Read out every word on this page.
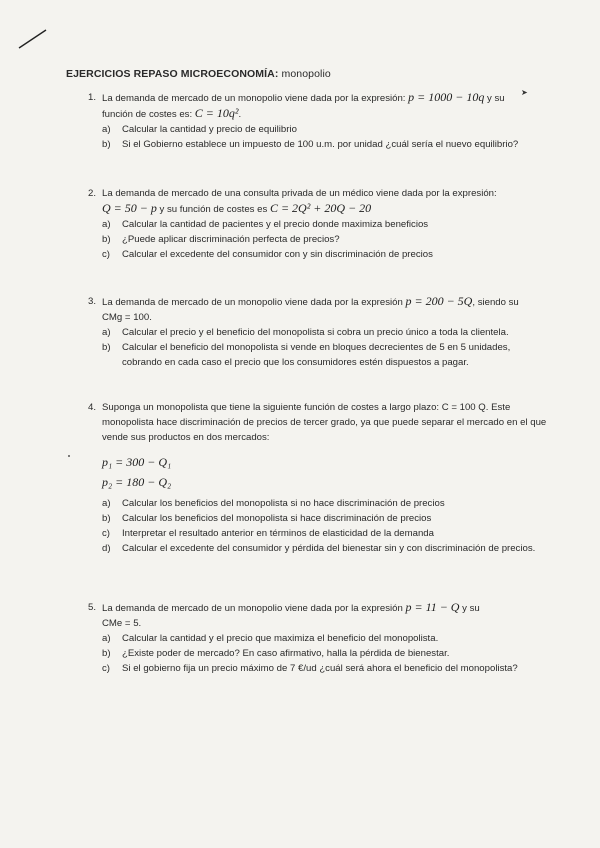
EJERCICIOS REPASO MICROECONOMÍA: monopolio
➤
1. La demanda de mercado de un monopolio viene dada por la expresión: p = 1000 − 10q y su
función de costes es: C = 10q².
a) Calcular la cantidad y precio de equilibrio
b) Si el Gobierno establece un impuesto de 100 u.m. por unidad ¿cuál sería el nuevo equilibrio?
2. La demanda de mercado de una consulta privada de un médico viene dada por la expresión:
Q = 50 − p y su función de costes es C = 2Q² + 20Q − 20
a) Calcular la cantidad de pacientes y el precio donde maximiza beneficios
b) ¿Puede aplicar discriminación perfecta de precios?
c) Calcular el excedente del consumidor con y sin discriminación de precios
3. La demanda de mercado de un monopolio viene dada por la expresión p = 200 − 5Q, siendo su
CMg = 100.
a) Calcular el precio y el beneficio del monopolista si cobra un precio único a toda la clientela.
b) Calcular el beneficio del monopolista si vende en bloques decrecientes de 5 en 5 unidades, cobrando en cada caso el precio que los consumidores estén dispuestos a pagar.
4. Suponga un monopolista que tiene la siguiente función de costes a largo plazo: C = 100 Q. Este monopolista hace discriminación de precios de tercer grado, ya que puede separar el mercado en el que vende sus productos en dos mercados:
p₁ = 300 − Q₁
p₂ = 180 − Q₂
a) Calcular los beneficios del monopolista si no hace discriminación de precios
b) Calcular los beneficios del monopolista si hace discriminación de precios
c) Interpretar el resultado anterior en términos de elasticidad de la demanda
d) Calcular el excedente del consumidor y pérdida del bienestar sin y con discriminación de precios.
5. La demanda de mercado de un monopolio viene dada por la expresión p = 11 − Q y su
CMe = 5.
a) Calcular la cantidad y el precio que maximiza el beneficio del monopolista.
b) ¿Existe poder de mercado? En caso afirmativo, halla la pérdida de bienestar.
c) Si el gobierno fija un precio máximo de 7 €/ud ¿cuál será ahora el beneficio del monopolista?
